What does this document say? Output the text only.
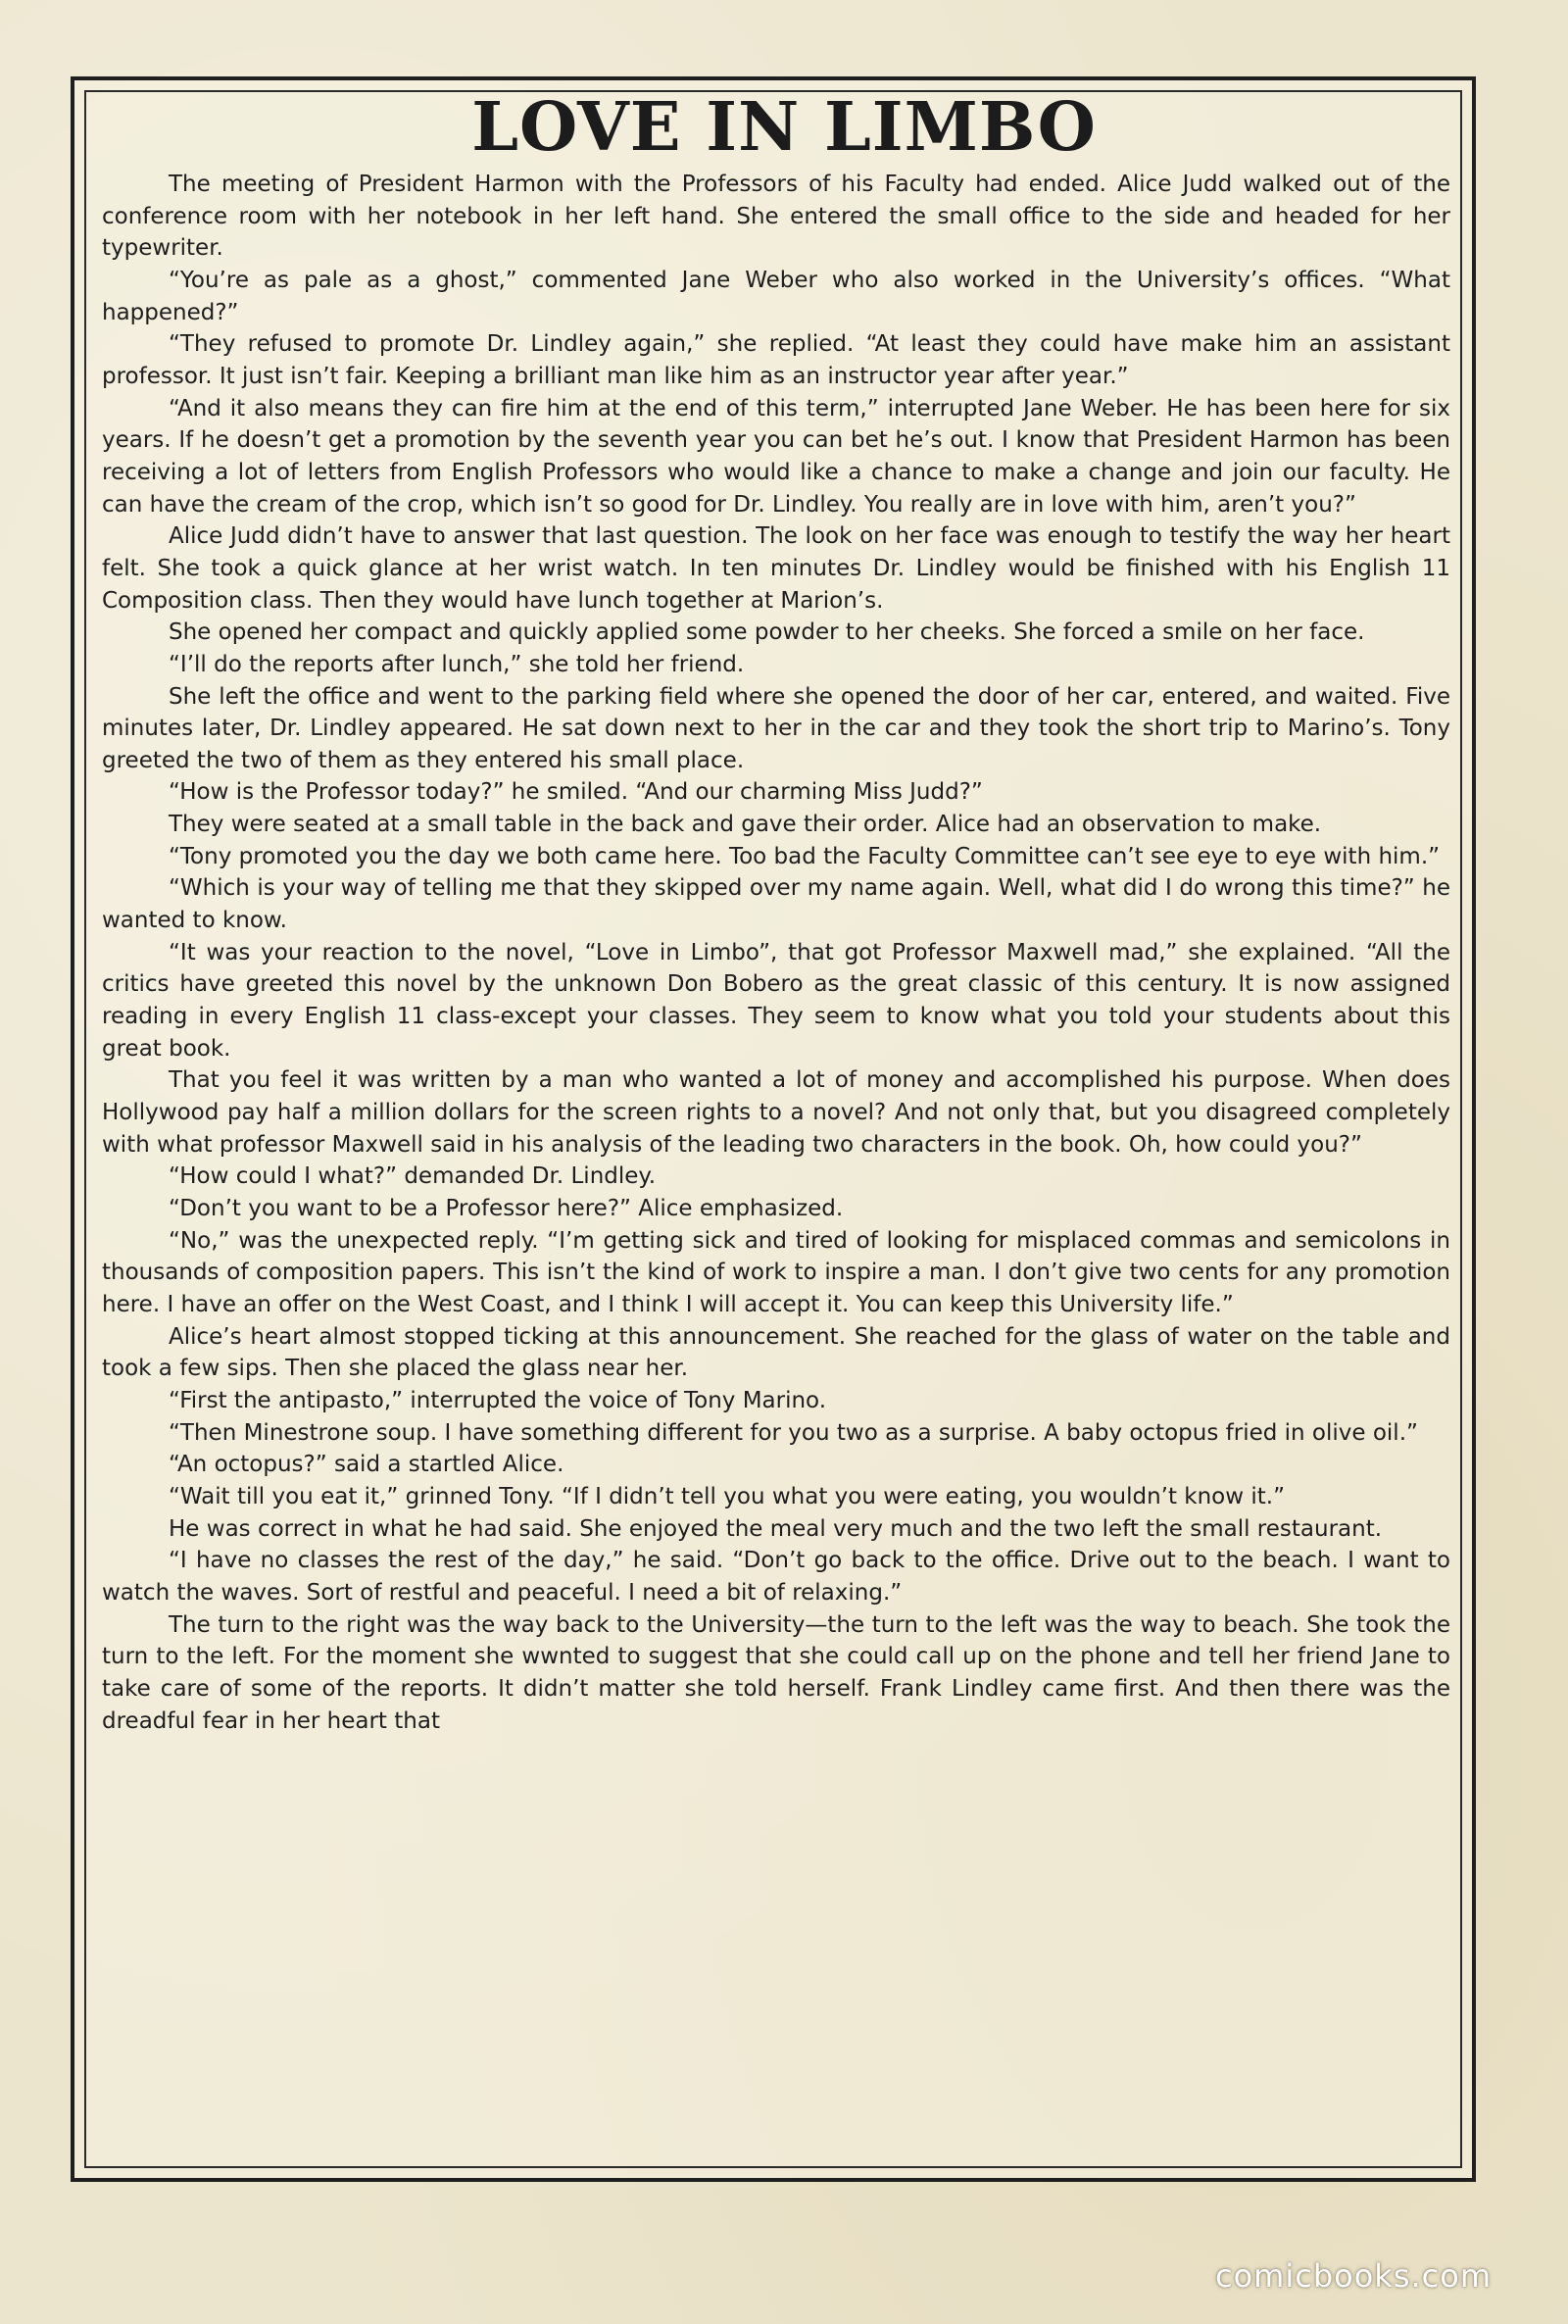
LOVE IN LIMBO

The meeting of President Harmon with the Professors of his Faculty had ended. Alice Judd walked out of the conference room with her notebook in her left hand. She entered the small office to the side and headed for her typewriter.

“You’re as pale as a ghost,” commented Jane Weber who also worked in the University’s offices. “What happened?”

“They refused to promote Dr. Lindley again,” she replied. “At least they could have make him an assistant professor. It just isn’t fair. Keeping a brilliant man like him as an instructor year after year.”

“And it also means they can fire him at the end of this term,” interrupted Jane Weber. He has been here for six years. If he doesn’t get a promotion by the seventh year you can bet he’s out. I know that President Harmon has been receiving a lot of letters from English Professors who would like a chance to make a change and join our faculty. He can have the cream of the crop, which isn’t so good for Dr. Lindley. You really are in love with him, aren’t you?”

Alice Judd didn’t have to answer that last question. The look on her face was enough to testify the way her heart felt. She took a quick glance at her wrist watch. In ten minutes Dr. Lindley would be finished with his English 11 Composition class. Then they would have lunch together at Marion’s.

She opened her compact and quickly applied some powder to her cheeks. She forced a smile on her face.

“I’ll do the reports after lunch,” she told her friend.

She left the office and went to the parking field where she opened the door of her car, entered, and waited. Five minutes later, Dr. Lindley appeared. He sat down next to her in the car and they took the short trip to Marino’s. Tony greeted the two of them as they entered his small place.

“How is the Professor today?” he smiled. “And our charming Miss Judd?”

They were seated at a small table in the back and gave their order. Alice had an observation to make.

“Tony promoted you the day we both came here. Too bad the Faculty Committee can’t see eye to eye with him.”

“Which is your way of telling me that they skipped over my name again. Well, what did I do wrong this time?” he wanted to know.

“It was your reaction to the novel, “Love in Limbo”, that got Professor Maxwell mad,” she explained. “All the critics have greeted this novel by the unknown Don Bobero as the great classic of this century. It is now assigned reading in every English 11 class-except your classes. They seem to know what you told your students about this great book.

That you feel it was written by a man who wanted a lot of money and accomplished his purpose. When does Hollywood pay half a million dollars for the screen rights to a novel? And not only that, but you disagreed completely with what professor Maxwell said in his analysis of the leading two characters in the book. Oh, how could you?”

“How could I what?” demanded Dr. Lindley.

“Don’t you want to be a Professor here?” Alice emphasized.

“No,” was the unexpected reply. “I’m getting sick and tired of looking for misplaced commas and semicolons in thousands of composition papers. This isn’t the kind of work to inspire a man. I don’t give two cents for any promotion here. I have an offer on the West Coast, and I think I will accept it. You can keep this University life.”

Alice’s heart almost stopped ticking at this announcement. She reached for the glass of water on the table and took a few sips. Then she placed the glass near her.

“First the antipasto,” interrupted the voice of Tony Marino.

“Then Minestrone soup. I have something different for you two as a surprise. A baby octopus fried in olive oil.”

“An octopus?” said a startled Alice.

“Wait till you eat it,” grinned Tony. “If I didn’t tell you what you were eating, you wouldn’t know it.”

He was correct in what he had said. She enjoyed the meal very much and the two left the small restaurant.

“I have no classes the rest of the day,” he said. “Don’t go back to the office. Drive out to the beach. I want to watch the waves. Sort of restful and peaceful. I need a bit of relaxing.”

The turn to the right was the way back to the University—the turn to the left was the way to beach. She took the turn to the left. For the moment she wwnted to suggest that she could call up on the phone and tell her friend Jane to take care of some of the reports. It didn’t matter she told herself. Frank Lindley came first. And then there was the dreadful fear in her heart that

comicbooks.com
